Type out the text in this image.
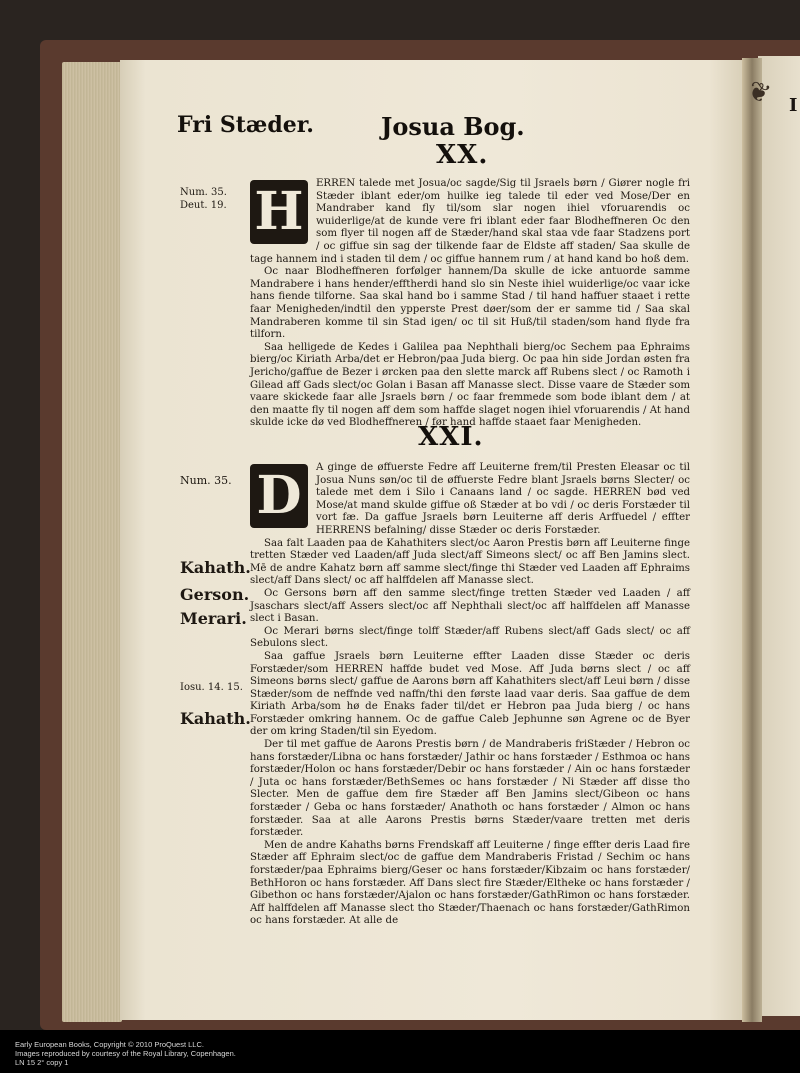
❦ I
Fri Stæder.	Josua Bog.
XX.
Num. 35.
Deut. 19. H	ERREN talede met Josua/oc sagde/Sig til Jsraels børn / Giører nogle fri Stæder iblant eder/om huilke ieg talede til eder ved Mose/Der en Mandraber kand fly til/som slar nogen ihiel vforuarendis oc wuiderlige/at de kunde vere fri iblant eder faar Blodheffneren Oc den som flyer til nogen aff de Stæder/hand skal staa vde faar Stadzens port / oc giffue sin sag der tilkende faar de Eldste aff staden/ Saa skulle de tage hannem ind i staden til dem / oc giffue hannem rum / at hand kand bo hoß dem.

Oc naar Blodheffneren forfølger hannem/Da skulle de icke antuorde samme Mandrabere i hans hender/efftherdi hand slo sin Neste ihiel wuiderlige/oc vaar icke hans fiende tilforne. Saa skal hand bo i samme Stad / til hand haffuer staaet i rette faar Menigheden/indtil den ypperste Prest døer/som der er samme tid / Saa skal Mandraberen komme til sin Stad igen/ oc til sit Huß/til staden/som hand flyde fra tilforn.

Saa helligede de Kedes i Galilea paa Nephthali bierg/oc Sechem paa Ephraims bierg/oc Kiriath Arba/det er Hebron/paa Juda bierg. Oc paa hin side Jordan østen fra Jericho/gaffue de Bezer i ørcken paa den slette marck aff Rubens slect / oc Ramoth i Gilead aff Gads slect/oc Golan i Basan aff Manasse slect. Disse vaare de Stæder som vaare skickede faar alle Jsraels børn / oc faar fremmede som bode iblant dem / at den maatte fly til nogen aff dem som haffde slaget nogen ihiel vforuarendis / At hand skulde icke dø ved Blodheffneren / før hand haffde staaet faar Menigheden.

XXI.
Num. 35.
Kahath.
Gerson.
Merari.
Iosu. 14. 15.
Kahath.
D	A ginge de øffuerste Fedre aff Leuiterne frem/til Presten Eleasar oc til Josua Nuns søn/oc til de øffuerste Fedre blant Jsraels børns Slecter/ oc talede met dem i Silo i Canaans land / oc sagde. HERREN bød ved Mose/at mand skulde giffue oß Stæder at bo vdi / oc deris Forstæder til vort fæ. Da gaffue Jsraels børn Leuiterne aff deris Arffuedel / effter HERRENS befalning/ disse Stæder oc deris Forstæder.

Saa falt Laaden paa de Kahathiters slect/oc Aaron Prestis børn aff Leuiterne finge tretten Stæder ved Laaden/aff Juda slect/aff Simeons slect/ oc aff Ben Jamins slect. Mē de andre Kahatz børn aff samme slect/finge thi Stæder ved Laaden aff Ephraims slect/aff Dans slect/ oc aff halffdelen aff Manasse slect.

Oc Gersons børn aff den samme slect/finge tretten Stæder ved Laaden / aff Jsaschars slect/aff Assers slect/oc aff Nephthali slect/oc aff halffdelen aff Manasse slect i Basan.

Oc Merari børns slect/finge tolff Stæder/aff Rubens slect/aff Gads slect/ oc aff Sebulons slect.

Saa gaffue Jsraels børn Leuiterne effter Laaden disse Stæder oc deris Forstæder/som HERREN haffde budet ved Mose. Aff Juda børns slect / oc aff Simeons børns slect/ gaffue de Aarons børn aff Kahathiters slect/aff Leui børn / disse Stæder/som de neffnde ved naffn/thi den første laad vaar deris. Saa gaffue de dem Kiriath Arba/som hø de Enaks fader til/det er Hebron paa Juda bierg / oc hans Forstæder omkring hannem. Oc de gaffue Caleb Jephunne søn Agrene oc de Byer der om kring Staden/til sin Eyedom.

Der til met gaffue de Aarons Prestis børn / de Mandraberis friStæder / Hebron oc hans forstæder/Libna oc hans forstæder/ Jathir oc hans forstæder / Esthmoa oc hans forstæder/Holon oc hans forstæder/Debir oc hans forstæder / Ain oc hans forstæder / Juta oc hans forstæder/BethSemes oc hans forstæder / Ni Stæder aff disse tho Slecter. Men de gaffue dem fire Stæder aff Ben Jamins slect/Gibeon oc hans forstæder / Geba oc hans forstæder/ Anathoth oc hans forstæder / Almon oc hans forstæder. Saa at alle Aarons Prestis børns Stæder/vaare tretten met deris forstæder.

Men de andre Kahaths børns Frendskaff aff Leuiterne / finge effter deris Laad fire Stæder aff Ephraim slect/oc de gaffue dem Mandraberis Fristad / Sechim oc hans forstæder/paa Ephraims bierg/Geser oc hans forstæder/Kibzaim oc hans forstæder/ BethHoron oc hans forstæder. Aff Dans slect fire Stæder/Eltheke oc hans forstæder / Gibethon oc hans forstæder/Ajalon oc hans forstæder/GathRimon oc hans forstæder. Aff halffdelen aff Manasse slect tho Stæder/Thaenach oc hans forstæder/GathRimon oc hans forstæder. At alle de

Early European Books, Copyright © 2010 ProQuest LLC.
Images reproduced by courtesy of the Royal Library, Copenhagen.
LN 15 2° copy 1
